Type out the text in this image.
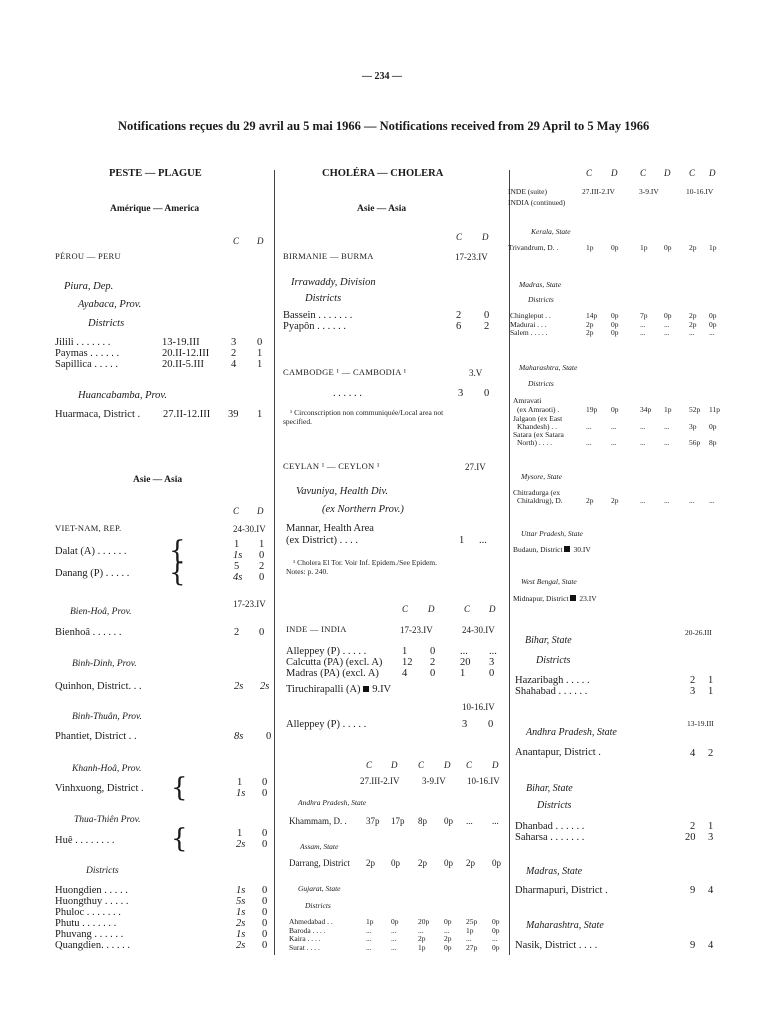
— 234 —
Notifications reçues du 29 avril au 5 mai 1966 — Notifications received from 29 April to 5 May 1966
PESTE — PLAGUE
Amérique — America
C D
PÉROU — PERU
Piura, Dep.
Ayabaca, Prov.
Districts
Jilili . . . . . . .	13-19.III	3 0
Paymas . . . . . .	20.II-12.III 2 1
Sapillica . . . . .	20.II-5.III	4 1
Huancabamba, Prov.
Huarmaca, District . 27.II-12.III 39 1
Asie — Asia
C D
VIET-NAM, REP.	24-30.IV
Dalat (A) . . . . . . {	1 1
1s 0
Danang (P) . . . . . {	5 2
4s 0
Bien-Hoâ, Prov.
17-23.IV
Bienhoâ . . . . . .	2 0
Binh-Dinh, Prov.
Quinhon, District. . .	2s 2s
Binh-Thuân, Prov.
Phantiet, District . .	8s 0
Khanh-Hoâ, Prov.
Vinhxuong, District . {	1 0
1s 0
Thua-Thiên Prov.
Huê . . . . . . . . {	1 0
2s 0
Districts
Huongdien . . . . .	1s 0
Huongthuy . . . . .	5s 0
Phuloc . . . . . . .	1s 0
Phutu . . . . . . .	2s 0
Phuvang . . . . . .	1s 0
Quangdien. . . . . .	2s 0
CHOLÉRA — CHOLERA
Asie — Asia
C D
BIRMANIE — BURMA	17-23.IV
Irrawaddy, Division
Districts
Bassein . . . . . . .	2 0
Pyapôn . . . . . .	6 2
CAMBODGE ¹ — CAMBODIA ¹	3.V
. . . . . .	3 0
¹ Circonscription non communiquée/Local area not
specified.
CEYLAN ¹ — CEYLON ¹	27.IV
Vavuniya, Health Div.
(ex Northern Prov.)
Mannar, Health Area
(ex District) . . . .	1 ...
¹ Cholera El Tor. Voir Inf. Epidem./See Epidem.
Notes: p. 240.
C D	C D
INDE — INDIA	17-23.IV	24-30.IV
Alleppey (P) . . . . .	1 0 ... ...
Calcutta (PA) (excl. A) 12 2 20 3
Madras (PA) (excl. A) 4 0 1 0
Tiruchirapalli (A) 9.IV
10-16.IV
Alleppey (P) . . . . .	3 0
C D C D C D
27.III-2.IV	3-9.IV 10-16.IV
Andhra Pradesh, State
Khammam, D. . 37p 17p 8p 0p ... ...
Assam, State
Darrang, District 2p 0p 2p 0p 2p 0p
Gujarat, State
Districts
Ahmedabad . .	1p 0p	20p 0p 25p 0p
Baroda . . . .	...	...	...	... 1p 0p
Kaira . . . .	...	...	2p 2p ...	...
Surat . . . .	...	...	1p 0p 27p 0p
C D	C D C D
INDE (suite)
INDIA (continued)
27.III-2.IV	3-9.IV	10-16.IV
Kerala, State
Trivandrum, D. .	1p 0p	1p 0p 2p 1p
Madras, State
Districts
Chingleput . .	14p 0p	7p 0p 2p 0p
Madurai . . .	2p 0p	... ...	2p 0p
Salem . . . . .	2p 0p	... ...	... ...
Maharashtra, State
Districts
Amravati
(ex Amraoti) .	19p 0p	34p 1p 52p 11p
Jalgaon (ex East
Khandesh) . .	...	...	... ...	3p 0p
Satara (ex Satara
North) . . . .	...	...	... ...	56p 8p
Mysore, State
Chitradurga (ex
Chitaldrug), D.	2p 2p	... ...	... ...
Uttar Pradesh, State
Budaun, District 30.IV
West Bengal, State
Midnapur, District 23.IV
20-26.III
Bihar, State
Districts
Hazaribagh . . . . .	2 1
Shahabad . . . . . .	3 1
13-19.III
Andhra Pradesh, State
Anantapur, District .	4 2
Bihar, State
Districts
Dhanbad . . . . . .	2 1
Saharsa . . . . . . .	20 3
Madras, State
Dharmapuri, District .	9 4
Maharashtra, State
Nasik, District . . . .	9 4
